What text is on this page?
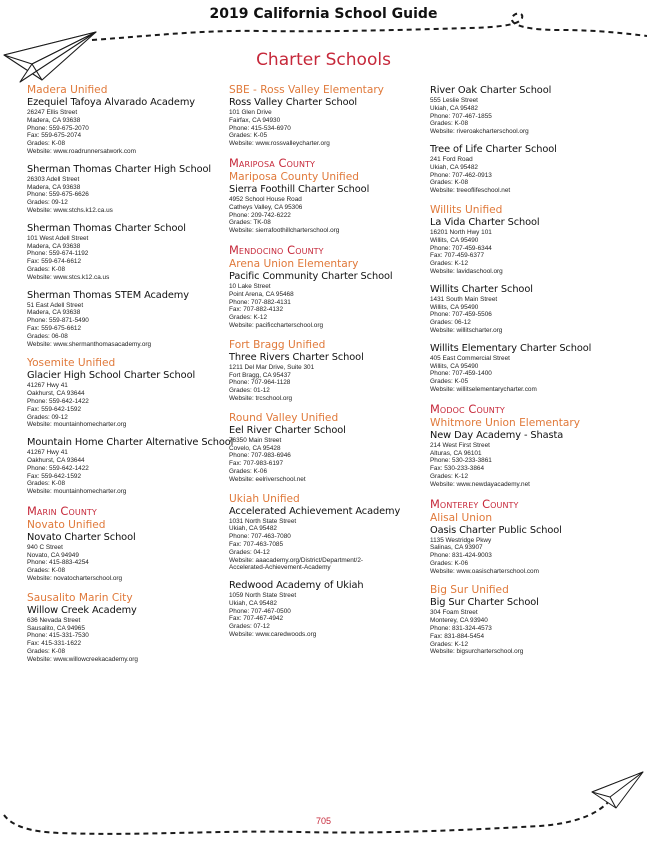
2019 California School Guide
Charter Schools
Madera Unified
Ezequiel Tafoya Alvarado Academy
26247 Ellis Street
Madera, CA 93638
Phone: 559-675-2070
Fax: 559-675-2074
Grades: K-08
Website: www.roadrunnersatwork.com
Sherman Thomas Charter High School
26303 Adell Street
Madera, CA 93638
Phone: 559-675-6626
Grades: 09-12
Website: www.stchs.k12.ca.us
Sherman Thomas Charter School
101 West Adell Street
Madera, CA 93638
Phone: 559-674-1192
Fax: 559-674-6612
Grades: K-08
Website: www.stcs.k12.ca.us
Sherman Thomas STEM Academy
51 East Adell Street
Madera, CA 93638
Phone: 559-871-5490
Fax: 559-675-6612
Grades: 06-08
Website: www.shermanthomasacademy.org
Yosemite Unified
Glacier High School Charter School
41267 Hwy 41
Oakhurst, CA 93644
Phone: 559-642-1422
Fax: 559-642-1592
Grades: 09-12
Website: mountainhomecharter.org
Mountain Home Charter Alternative School
41267 Hwy 41
Oakhurst, CA 93644
Phone: 559-642-1422
Fax: 559-642-1592
Grades: K-08
Website: mountainhomecharter.org
Marin County
Novato Unified
Novato Charter School
940 C Street
Novato, CA 94949
Phone: 415-883-4254
Grades: K-08
Website: novatocharterschool.org
Sausalito Marin City
Willow Creek Academy
636 Nevada Street
Sausalito, CA 94965
Phone: 415-331-7530
Fax: 415-331-1622
Grades: K-08
Website: www.willowcreekacademy.org
SBE - Ross Valley Elementary
Ross Valley Charter School
101 Glen Drive
Fairfax, CA 94930
Phone: 415-534-6970
Grades: K-05
Website: www.rossvalleycharter.org
Mariposa County
Mariposa County Unified
Sierra Foothill Charter School
4952 School House Road
Catheys Valley, CA 95306
Phone: 209-742-6222
Grades: TK-08
Website: sierrafoothillcharterschool.org
Mendocino County
Arena Union Elementary
Pacific Community Charter School
10 Lake Street
Point Arena, CA 95468
Phone: 707-882-4131
Fax: 707-882-4132
Grades: K-12
Website: pacificcharterschool.org
Fort Bragg Unified
Three Rivers Charter School
1211 Del Mar Drive, Suite 301
Fort Bragg, CA 95437
Phone: 707-964-1128
Grades: 01-12
Website: trcschool.org
Round Valley Unified
Eel River Charter School
76350 Main Street
Covelo, CA 95428
Phone: 707-983-6946
Fax: 707-983-6197
Grades: K-06
Website: eelriverschool.net
Ukiah Unified
Accelerated Achievement Academy
1031 North State Street
Ukiah, CA 95482
Phone: 707-463-7080
Fax: 707-463-7085
Grades: 04-12
Website: aaacademy.org/District/Department/2-
Accelerated-Achievement-Academy
Redwood Academy of Ukiah
1059 North State Street
Ukiah, CA 95482
Phone: 707-467-0500
Fax: 707-467-4942
Grades: 07-12
Website: www.caredwoods.org
River Oak Charter School
555 Leslie Street
Ukiah, CA 95482
Phone: 707-467-1855
Grades: K-08
Website: riveroakcharterschool.org
Tree of Life Charter School
241 Ford Road
Ukiah, CA 95482
Phone: 707-462-0913
Grades: K-08
Website: treeoflifeschool.net
Willits Unified
La Vida Charter School
16201 North Hwy 101
Willits, CA 95490
Phone: 707-459-6344
Fax: 707-459-6377
Grades: K-12
Website: lavidaschool.org
Willits Charter School
1431 South Main Street
Willits, CA 95490
Phone: 707-459-5506
Grades: 06-12
Website: willitscharter.org
Willits Elementary Charter School
405 East Commercial Street
Willits, CA 95490
Phone: 707-459-1400
Grades: K-05
Website: willitselementarycharter.com
Modoc County
Whitmore Union Elementary
New Day Academy - Shasta
214 West First Street
Alturas, CA 96101
Phone: 530-233-3861
Fax: 530-233-3864
Grades: K-12
Website: www.newdayacademy.net
Monterey County
Alisal Union
Oasis Charter Public School
1135 Westridge Pkwy
Salinas, CA 93907
Phone: 831-424-9003
Grades: K-06
Website: www.oasischarterschool.com
Big Sur Unified
Big Sur Charter School
304 Foam Street
Monterey, CA 93940
Phone: 831-324-4573
Fax: 831-884-5454
Grades: K-12
Website: bigsurcharterschool.org
705
